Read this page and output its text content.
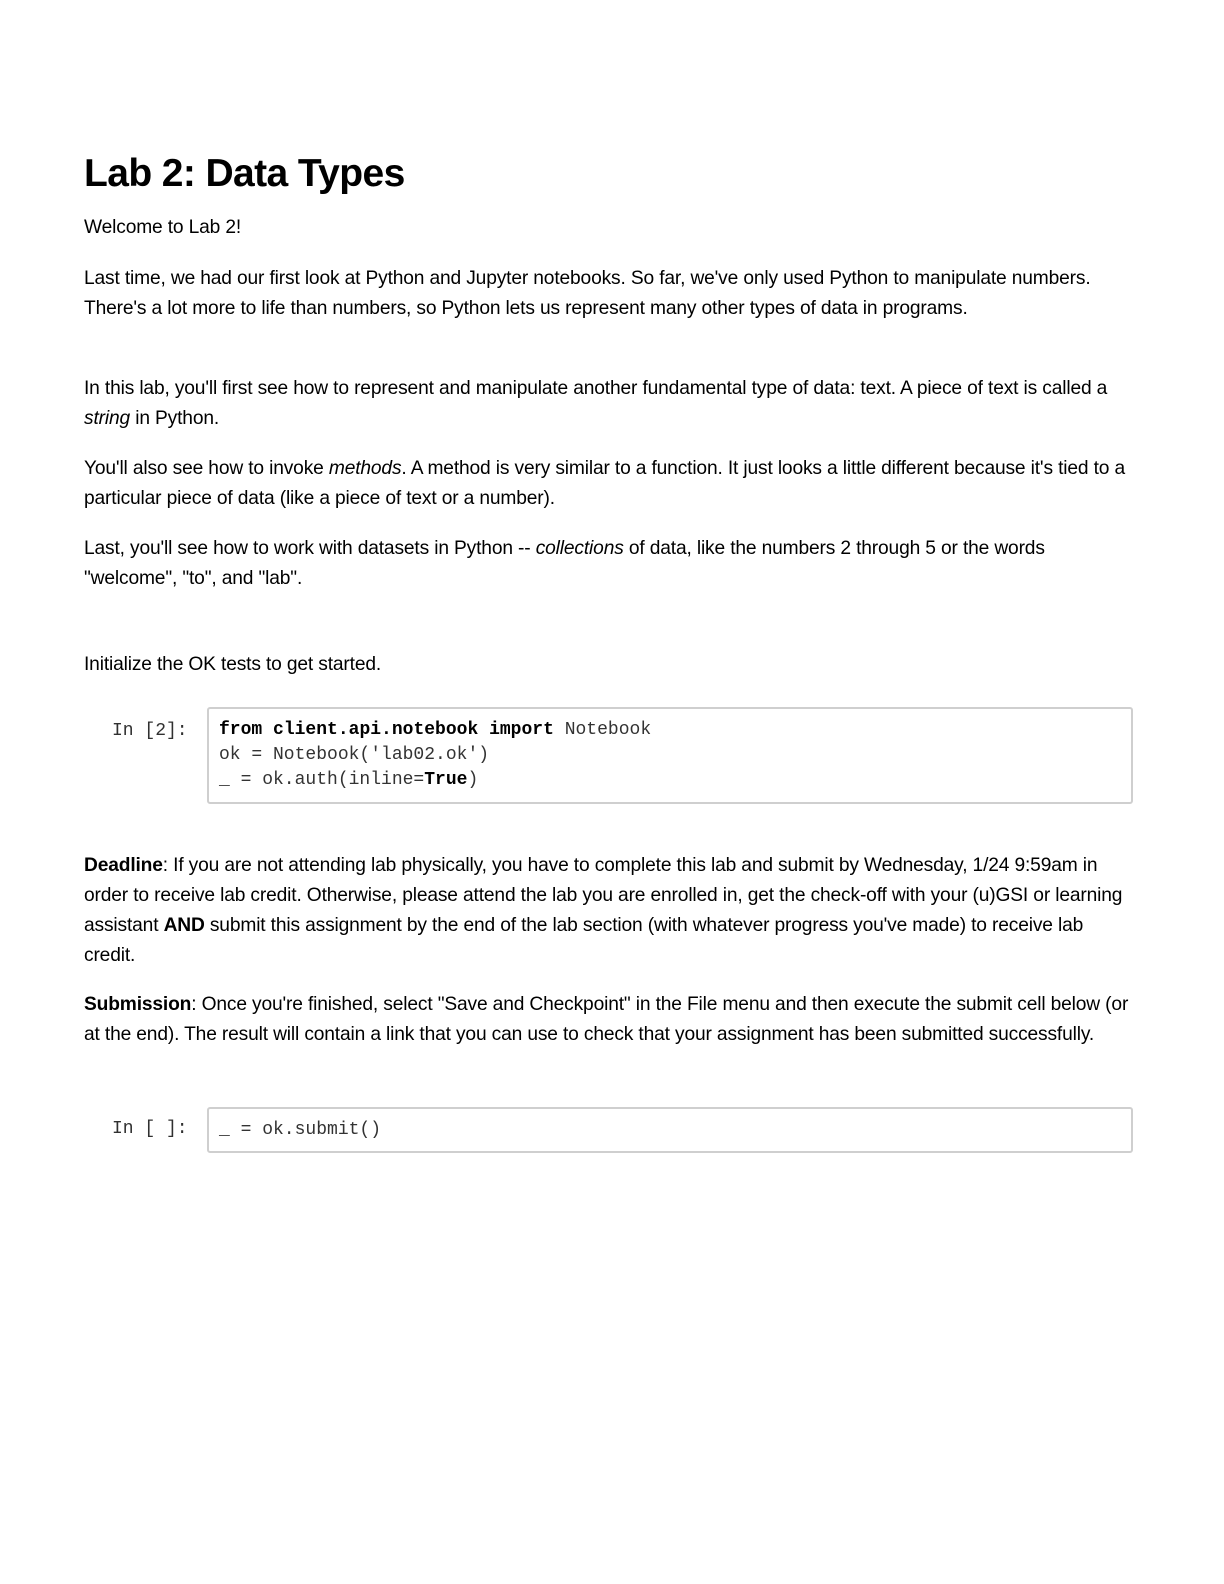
Lab 2: Data Types

Welcome to Lab 2!

Last time, we had our first look at Python and Jupyter notebooks. So far, we've only used Python to manipulate numbers. There's a lot more to life than numbers, so Python lets us represent many other types of data in programs.

In this lab, you'll first see how to represent and manipulate another fundamental type of data: text. A piece of text is called a string in Python.

You'll also see how to invoke methods. A method is very similar to a function. It just looks a little different because it's tied to a particular piece of data (like a piece of text or a number).

Last, you'll see how to work with datasets in Python -- collections of data, like the numbers 2 through 5 or the words "welcome", "to", and "lab".

Initialize the OK tests to get started.

In [2]: from client.api.notebook import Notebook
ok = Notebook('lab02.ok')
_ = ok.auth(inline=True)

Deadline: If you are not attending lab physically, you have to complete this lab and submit by Wednesday, 1/24 9:59am in order to receive lab credit. Otherwise, please attend the lab you are enrolled in, get the check-off with your (u)GSI or learning assistant AND submit this assignment by the end of the lab section (with whatever progress you've made) to receive lab credit.

Submission: Once you're finished, select "Save and Checkpoint" in the File menu and then execute the submit cell below (or at the end). The result will contain a link that you can use to check that your assignment has been submitted successfully.

In [ ]: _ = ok.submit()
